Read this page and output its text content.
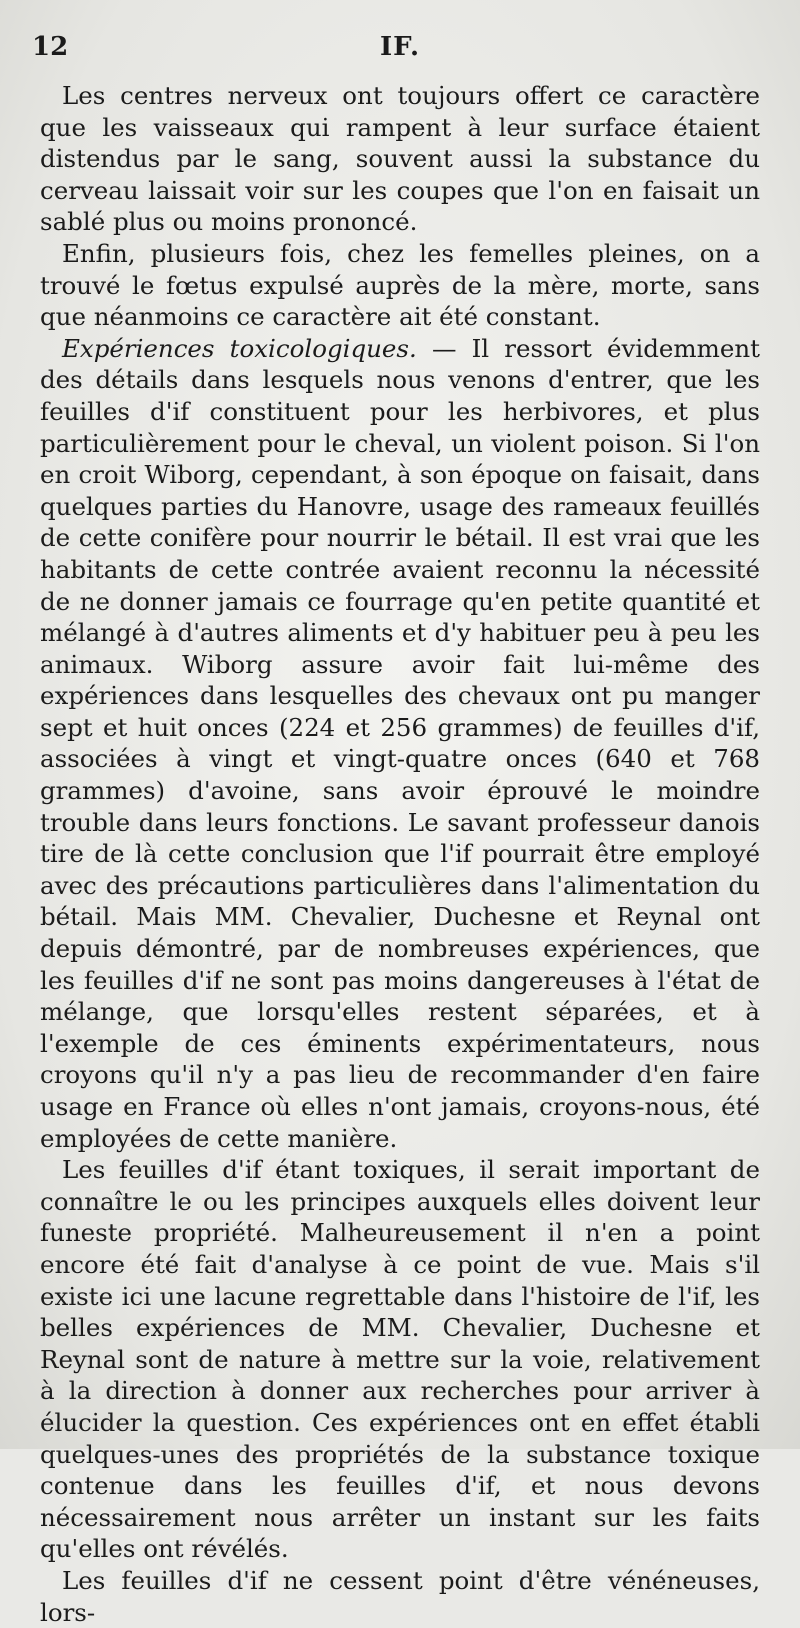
12	IF.

Les centres nerveux ont toujours offert ce caractère que les vaisseaux qui rampent à leur surface étaient distendus par le sang, souvent aussi la substance du cerveau laissait voir sur les coupes que l'on en faisait un sablé plus ou moins prononcé.

Enfin, plusieurs fois, chez les femelles pleines, on a trouvé le fœtus expulsé auprès de la mère, morte, sans que néanmoins ce caractère ait été constant.

Expériences toxicologiques. — Il ressort évidemment des détails dans lesquels nous venons d'entrer, que les feuilles d'if constituent pour les herbivores, et plus particulièrement pour le cheval, un violent poison. Si l'on en croit Wiborg, cependant, à son époque on faisait, dans quelques parties du Hanovre, usage des rameaux feuillés de cette conifère pour nourrir le bétail. Il est vrai que les habitants de cette contrée avaient reconnu la nécessité de ne donner jamais ce fourrage qu'en petite quantité et mélangé à d'autres aliments et d'y habituer peu à peu les animaux. Wiborg assure avoir fait lui-même des expériences dans lesquelles des chevaux ont pu manger sept et huit onces (224 et 256 grammes) de feuilles d'if, associées à vingt et vingt-quatre onces (640 et 768 grammes) d'avoine, sans avoir éprouvé le moindre trouble dans leurs fonctions. Le savant professeur danois tire de là cette conclusion que l'if pourrait être employé avec des précautions particulières dans l'alimentation du bétail. Mais MM. Chevalier, Duchesne et Reynal ont depuis démontré, par de nombreuses expériences, que les feuilles d'if ne sont pas moins dangereuses à l'état de mélange, que lorsqu'elles restent séparées, et à l'exemple de ces éminents expérimentateurs, nous croyons qu'il n'y a pas lieu de recommander d'en faire usage en France où elles n'ont jamais, croyons-nous, été employées de cette manière.

Les feuilles d'if étant toxiques, il serait important de connaître le ou les principes auxquels elles doivent leur funeste propriété. Malheureusement il n'en a point encore été fait d'analyse à ce point de vue. Mais s'il existe ici une lacune regrettable dans l'histoire de l'if, les belles expériences de MM. Chevalier, Duchesne et Reynal sont de nature à mettre sur la voie, relativement à la direction à donner aux recherches pour arriver à élucider la question. Ces expériences ont en effet établi quelques-unes des propriétés de la substance toxique contenue dans les feuilles d'if, et nous devons nécessairement nous arrêter un instant sur les faits qu'elles ont révélés.

Les feuilles d'if ne cessent point d'être vénéneuses, lors-
